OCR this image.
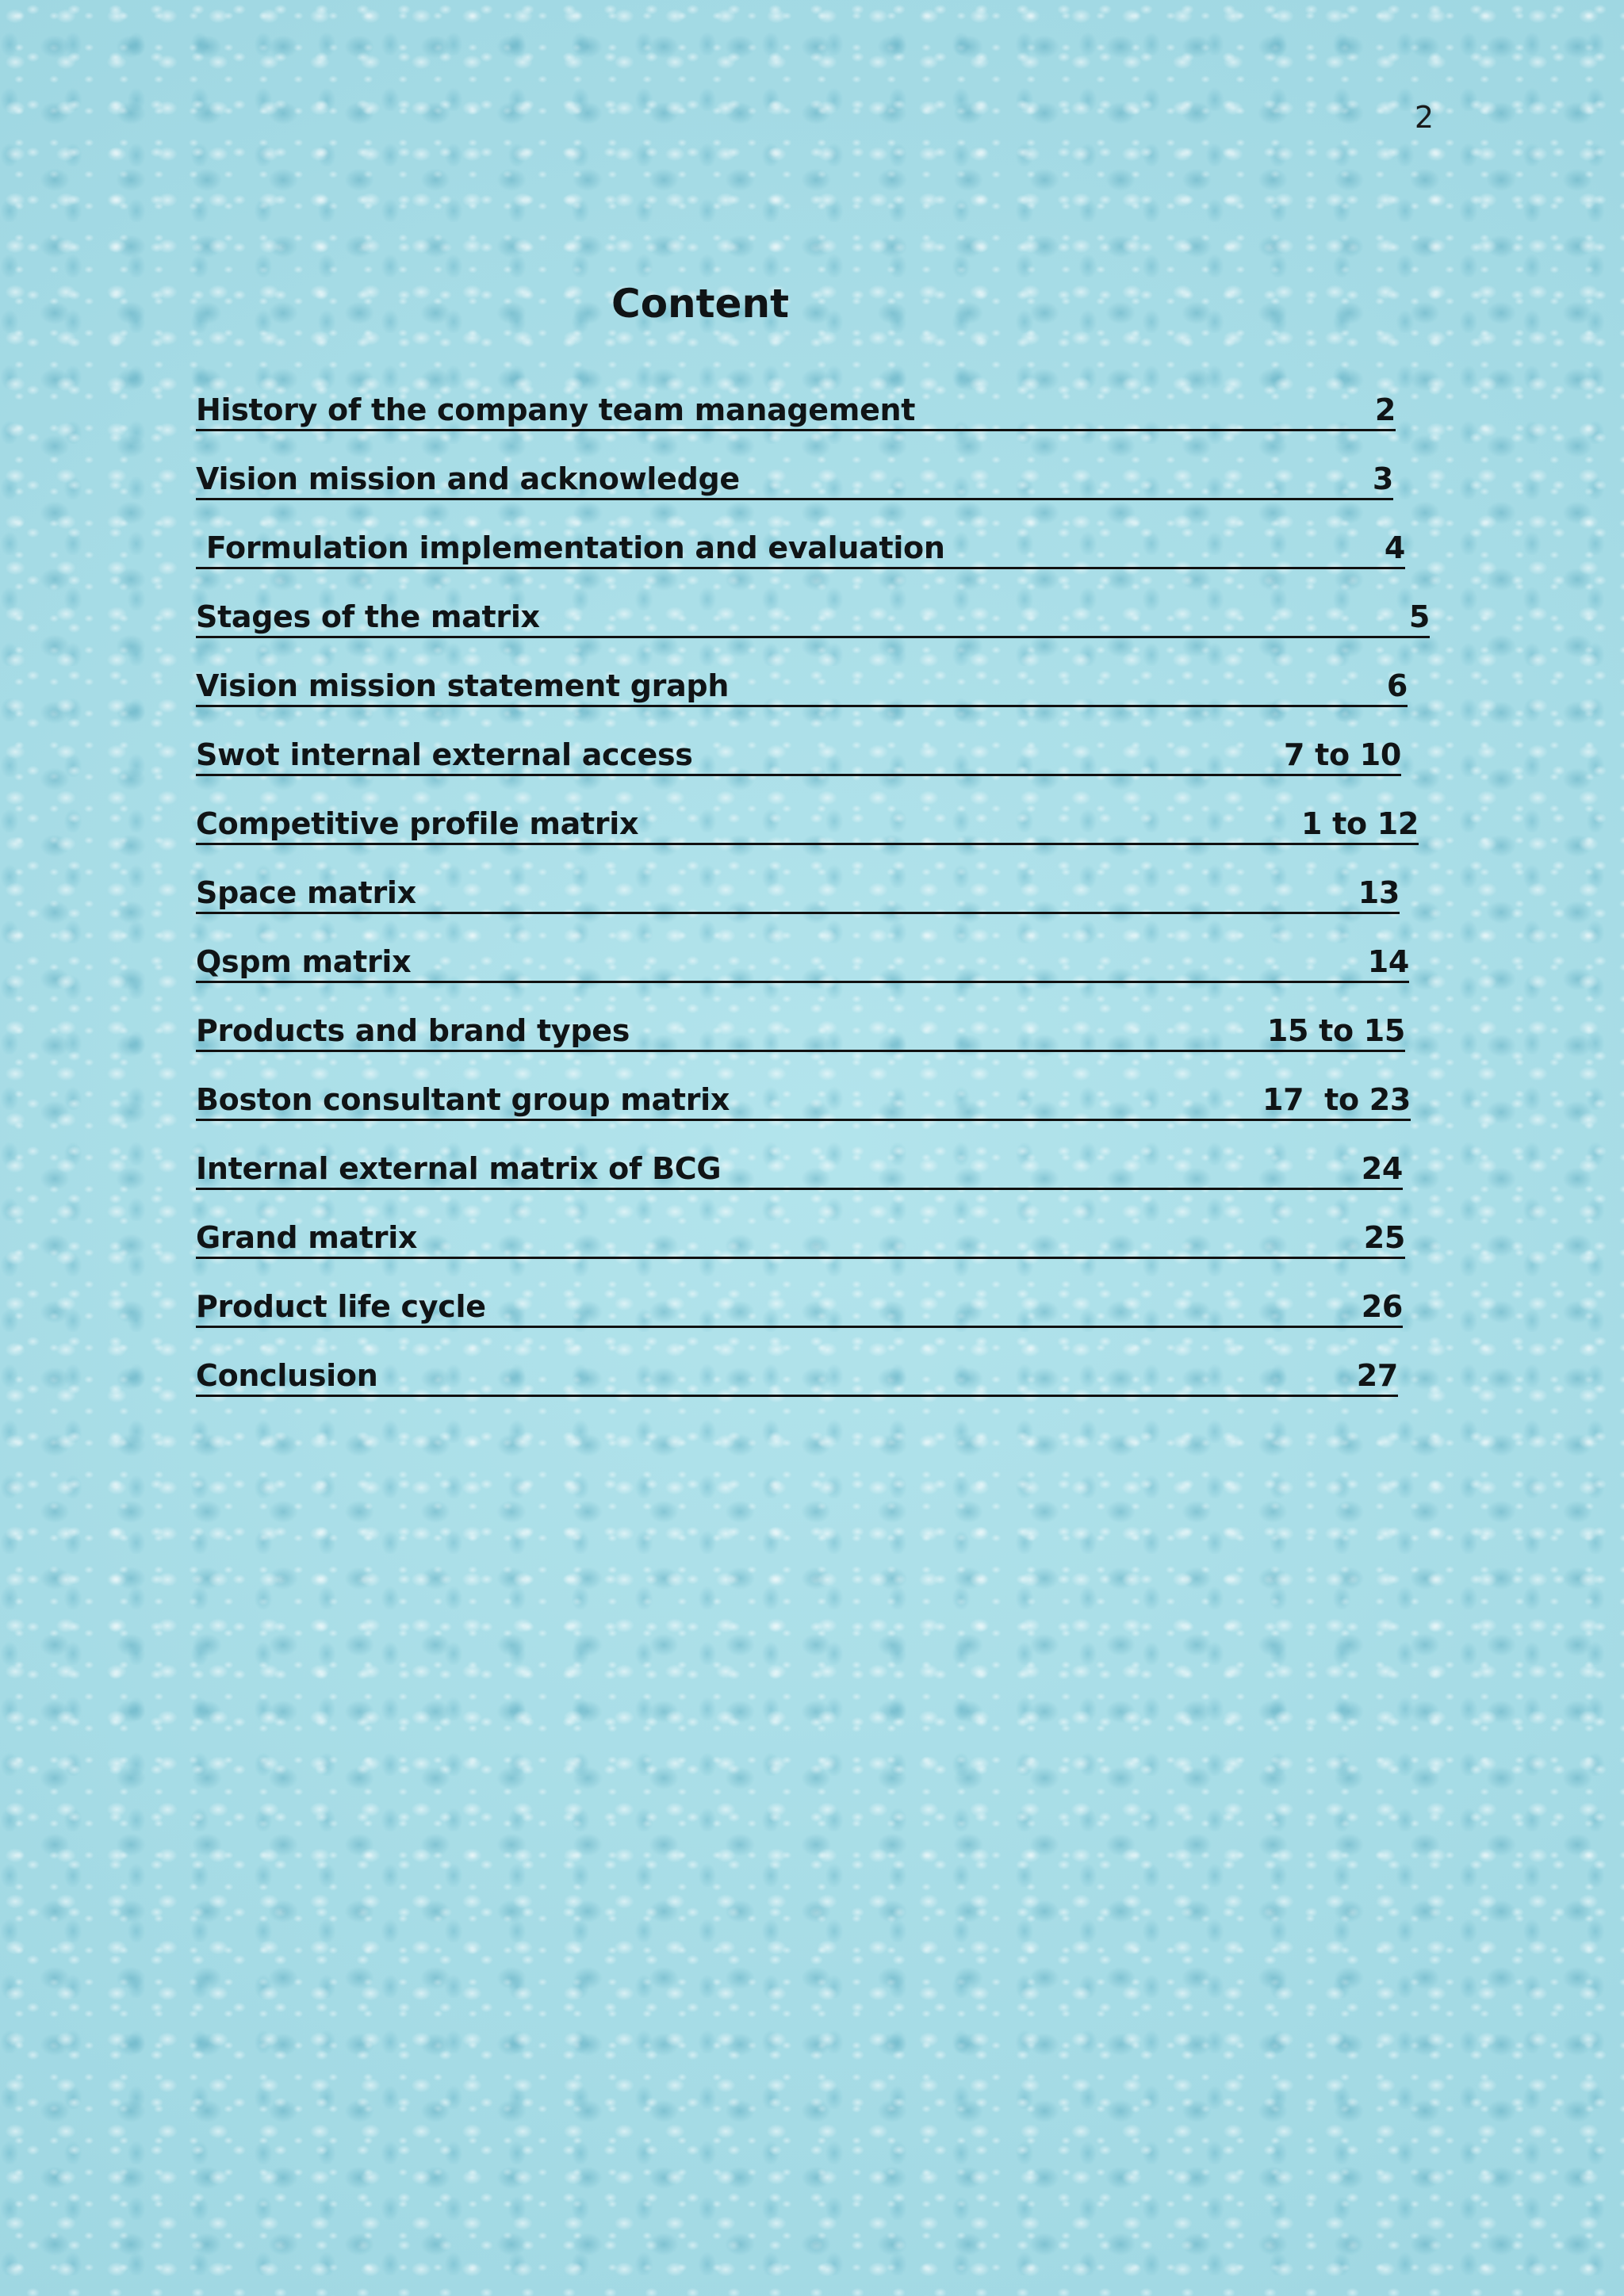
2
Content
History of the company team management	2
Vision mission and acknowledge	3
Formulation implementation and evaluation	4
Stages of the matrix	5
Vision mission statement graph	6
Swot internal external access	7 to 10
Competitive profile matrix	1 to 12
Space matrix	13
Qspm matrix	14
Products and brand types	15 to 15
Boston consultant group matrix	17  to 23
Internal external matrix of BCG	24
Grand matrix	25
Product life cycle	26
Conclusion	27
